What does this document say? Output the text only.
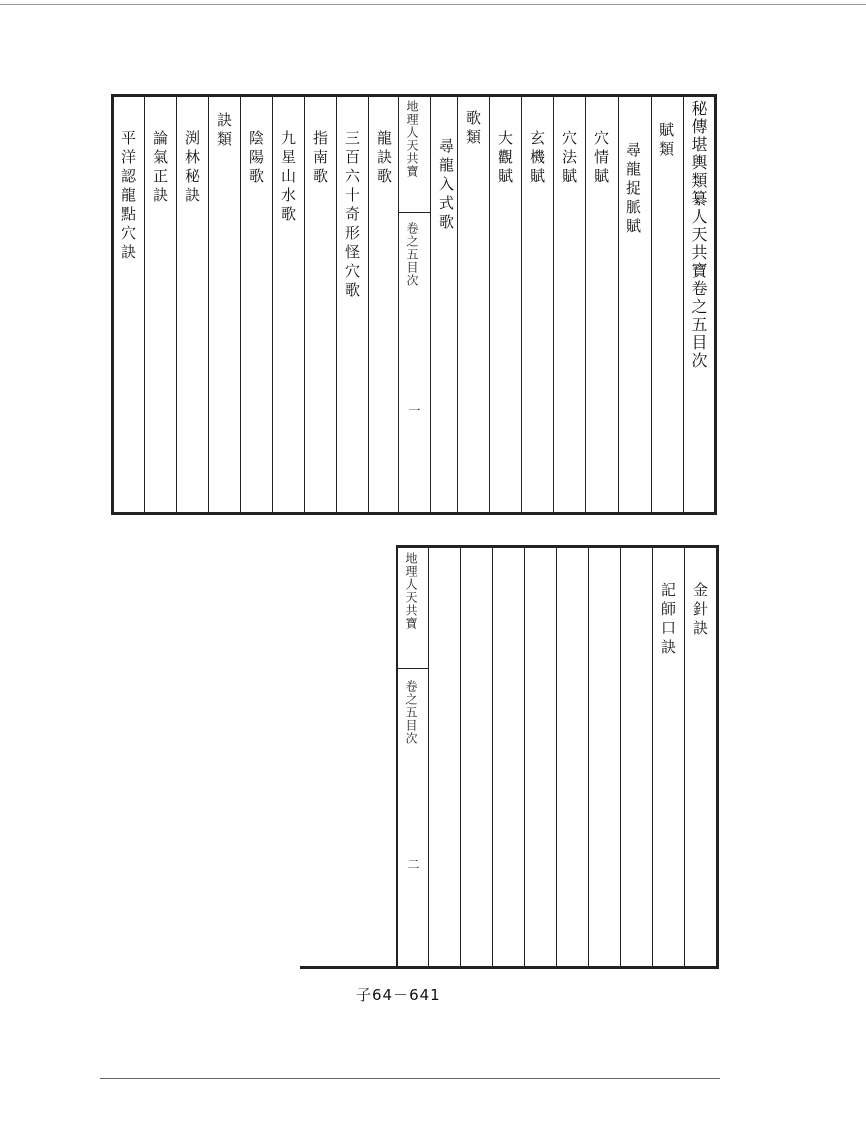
秘傳堪輿類纂人天共寶卷之五目次
賦類
尋龍捉脈賦
穴情賦
穴法賦
玄機賦
大觀賦
歌類
地理人天共寶
卷之五目次
一
尋龍入式歌
龍訣歌
三百六十奇形怪穴歌
指南歌
九星山水歌
陰陽歌
訣類
渕林秘訣
論氣正訣
平洋認龍點穴訣
金針訣
記師口訣
地理人天共寶
卷之五目次
二
子64－641
